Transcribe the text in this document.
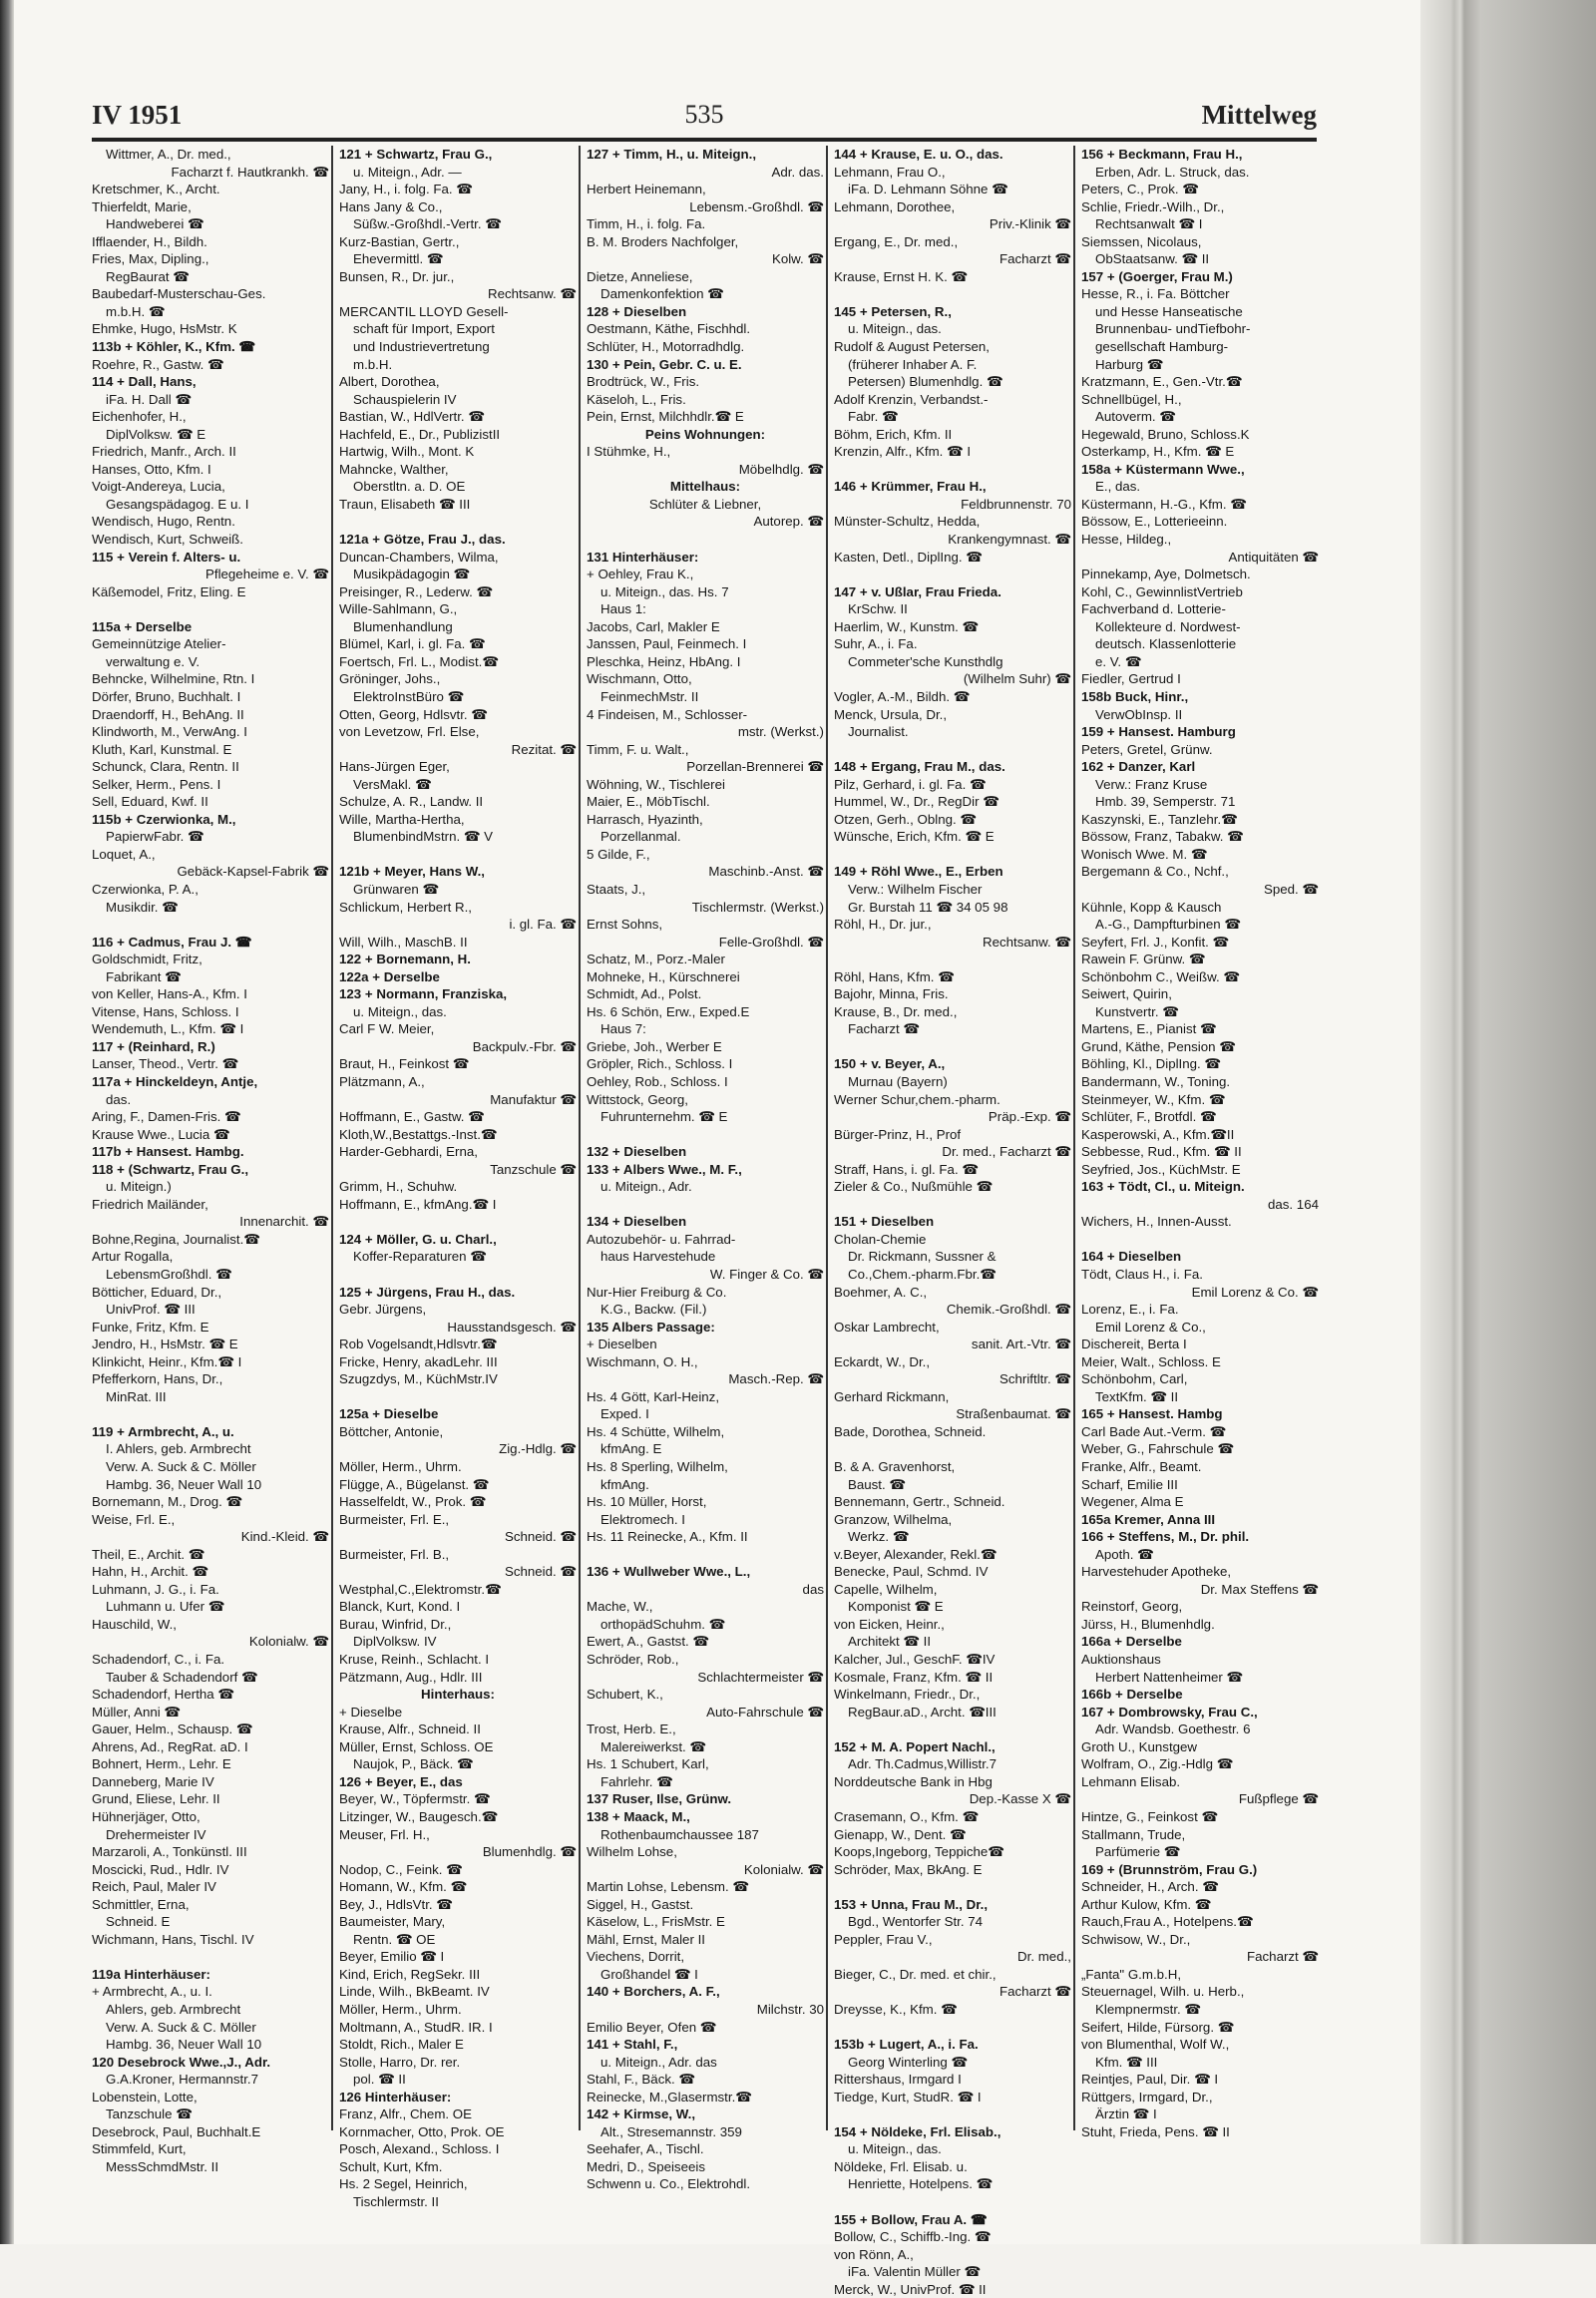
IV 1951	535	Mittelweg
Wittmer, A., Dr. med.,
Facharzt f. Hautkrankh. ☎
Kretschmer, K., Archt.
Thierfeldt, Marie,
Handweberei ☎
Ifflaender, H., Bildh.
Fries, Max, Dipling.,
RegBaurat ☎
Baubedarf-Musterschau-Ges.
m.b.H. ☎
Ehmke, Hugo, HsMstr. K
113b + Köhler, K., Kfm. ☎
Roehre, R., Gastw. ☎
114 + Dall, Hans,
iFa. H. Dall ☎
Eichenhofer, H.,
DiplVolksw. ☎ E
Friedrich, Manfr., Arch. II
Hanses, Otto, Kfm. I
Voigt-Andereya, Lucia,
Gesangspädagog. E u. I
Wendisch, Hugo, Rentn.
Wendisch, Kurt, Schweiß.
115 + Verein f. Alters- u.
Pflegeheime e. V. ☎
Käßemodel, Fritz, Eling. E
115a + Derselbe
Gemeinnützige Atelier-
verwaltung e. V.
Behncke, Wilhelmine, Rtn. I
Dörfer, Bruno, Buchhalt. I
Draendorff, H., BehAng. II
Klindworth, M., VerwAng. I
Kluth, Karl, Kunstmal. E
Schunck, Clara, Rentn. II
Selker, Herm., Pens. I
Sell, Eduard, Kwf. II
115b + Czerwionka, M.,
PapierwFabr. ☎
Loquet, A.,
Gebäck-Kapsel-Fabrik ☎
Czerwionka, P. A.,
Musikdir. ☎
116 + Cadmus, Frau J. ☎
Goldschmidt, Fritz,
Fabrikant ☎
von Keller, Hans-A., Kfm. I
Vitense, Hans, Schloss. I
Wendemuth, L., Kfm. ☎ I
117 + (Reinhard, R.)
Lanser, Theod., Vertr. ☎
117a + Hinckeldeyn, Antje,
das.
Aring, F., Damen-Fris. ☎
Krause Wwe., Lucia ☎
117b + Hansest. Hambg.
118 + (Schwartz, Frau G.,
u. Miteign.)
Friedrich Mailänder,
Innenarchit. ☎
Bohne,Regina, Journalist.☎
Artur Rogalla,
LebensmGroßhdl. ☎
Bötticher, Eduard, Dr.,
UnivProf. ☎ III
Funke, Fritz, Kfm. E
Jendro, H., HsMstr. ☎ E
Klinkicht, Heinr., Kfm.☎ I
Pfefferkorn, Hans, Dr.,
MinRat. III
119 + Armbrecht, A., u.
I. Ahlers, geb. Armbrecht
Verw. A. Suck & C. Möller
Hambg. 36, Neuer Wall 10
Bornemann, M., Drog. ☎
Weise, Frl. E.,
Kind.-Kleid. ☎
Theil, E., Archit. ☎
Hahn, H., Archit. ☎
Luhmann, J. G., i. Fa.
Luhmann u. Ufer ☎
Hauschild, W.,
Kolonialw. ☎
Schadendorf, C., i. Fa.
Tauber & Schadendorf ☎
Schadendorf, Hertha ☎
Müller, Anni ☎
Gauer, Helm., Schausp. ☎
Ahrens, Ad., RegRat. aD. I
Bohnert, Herm., Lehr. E
Danneberg, Marie IV
Grund, Eliese, Lehr. II
Hühnerjäger, Otto,
Drehermeister IV
Marzaroli, A., Tonkünstl. III
Moscicki, Rud., Hdlr. IV
Reich, Paul, Maler IV
Schmittler, Erna,
Schneid. E
Wichmann, Hans, Tischl. IV
119a Hinterhäuser:
+ Armbrecht, A., u. I.
Ahlers, geb. Armbrecht
Verw. A. Suck & C. Möller
Hambg. 36, Neuer Wall 10
120 Desebrock Wwe.,J., Adr.
G.A.Kroner, Hermannstr.7
Lobenstein, Lotte,
Tanzschule ☎
Desebrock, Paul, Buchhalt.E
Stimmfeld, Kurt,
MessSchmdMstr. II
121 + Schwartz, Frau G.,
u. Miteign., Adr. —
Jany, H., i. folg. Fa. ☎
Hans Jany & Co.,
Süßw.-Großhdl.-Vertr. ☎
Kurz-Bastian, Gertr.,
Ehevermittl. ☎
Bunsen, R., Dr. jur.,
Rechtsanw. ☎
MERCANTIL LLOYD Gesell-
schaft für Import, Export
und Industrievertretung
m.b.H.
Albert, Dorothea,
Schauspielerin IV
Bastian, W., HdlVertr. ☎
Hachfeld, E., Dr., PublizistII
Hartwig, Wilh., Mont. K
Mahncke, Walther,
Oberstltn. a. D. OE
Traun, Elisabeth ☎ III
121a + Götze, Frau J., das.
Duncan-Chambers, Wilma,
Musikpädagogin ☎
Preisinger, R., Lederw. ☎
Wille-Sahlmann, G.,
Blumenhandlung
Blümel, Karl, i. gl. Fa. ☎
Foertsch, Frl. L., Modist.☎
Gröninger, Johs.,
ElektroInstBüro ☎
Otten, Georg, Hdlsvtr. ☎
von Levetzow, Frl. Else,
Rezitat. ☎
Hans-Jürgen Eger,
VersMakl. ☎
Schulze, A. R., Landw. II
Wille, Martha-Hertha,
BlumenbindMstrn. ☎ V
121b + Meyer, Hans W.,
Grünwaren ☎
Schlickum, Herbert R.,
i. gl. Fa. ☎
Will, Wilh., MaschB. II
122 + Bornemann, H.
122a + Derselbe
123 + Normann, Franziska,
u. Miteign., das.
Carl F W. Meier,
Backpulv.-Fbr. ☎
Braut, H., Feinkost ☎
Plätzmann, A.,
Manufaktur ☎
Hoffmann, E., Gastw. ☎
Kloth,W.,Bestattgs.-Inst.☎
Harder-Gebhardi, Erna,
Tanzschule ☎
Grimm, H., Schuhw.
Hoffmann, E., kfmAng.☎ I
124 + Möller, G. u. Charl.,
Koffer-Reparaturen ☎
125 + Jürgens, Frau H., das.
Gebr. Jürgens,
Hausstandsgesch. ☎
Rob Vogelsandt,Hdlsvtr.☎
Fricke, Henry, akadLehr. III
Szugzdys, M., KüchMstr.IV
125a + Dieselbe
Böttcher, Antonie,
Zig.-Hdlg. ☎
Möller, Herm., Uhrm.
Flügge, A., Bügelanst. ☎
Hasselfeldt, W., Prok. ☎
Burmeister, Frl. E.,
Schneid. ☎
Burmeister, Frl. B.,
Schneid. ☎
Westphal,C.,Elektromstr.☎
Blanck, Kurt, Kond. I
Burau, Winfrid, Dr.,
DiplVolksw. IV
Kruse, Reinh., Schlacht. I
Pätzmann, Aug., Hdlr. III
Hinterhaus:
+ Dieselbe
Krause, Alfr., Schneid. II
Müller, Ernst, Schloss. OE
Naujok, P., Bäck. ☎
126 + Beyer, E., das
Beyer, W., Töpfermstr. ☎
Litzinger, W., Baugesch.☎
Meuser, Frl. H.,
Blumenhdlg. ☎
Nodop, C., Feink. ☎
Homann, W., Kfm. ☎
Bey, J., HdlsVtr. ☎
Baumeister, Mary,
Rentn. ☎ OE
Beyer, Emilio ☎ I
Kind, Erich, RegSekr. III
Linde, Wilh., BkBeamt. IV
Möller, Herm., Uhrm.
Moltmann, A., StudR. IR. I
Stoldt, Rich., Maler E
Stolle, Harro, Dr. rer.
pol. ☎ II
126 Hinterhäuser:
Franz, Alfr., Chem. OE
Kornmacher, Otto, Prok. OE
Posch, Alexand., Schloss. I
Schult, Kurt, Kfm.
Hs. 2 Segel, Heinrich,
Tischlermstr. II
127 + Timm, H., u. Miteign.,
Adr. das.
Herbert Heinemann,
Lebensm.-Großhdl. ☎
Timm, H., i. folg. Fa.
B. M. Broders Nachfolger,
Kolw. ☎
Dietze, Anneliese,
Damenkonfektion ☎
128 + Dieselben
Oestmann, Käthe, Fischhdl.
Schlüter, H., Motorradhdlg.
130 + Pein, Gebr. C. u. E.
Brodtrück, W., Fris.
Käseloh, L., Fris.
Pein, Ernst, Milchhdlr.☎ E
Peins Wohnungen:
I Stühmke, H.,
Möbelhdlg. ☎
Mittelhaus:
Schlüter & Liebner,
Autorep. ☎
131 Hinterhäuser:
+ Oehley, Frau K.,
u. Miteign., das. Hs. 7
Haus 1:
Jacobs, Carl, Makler E
Janssen, Paul, Feinmech. I
Pleschka, Heinz, HbAng. I
Wischmann, Otto,
FeinmechMstr. II
4 Findeisen, M., Schlosser-
mstr. (Werkst.)
Timm, F. u. Walt.,
Porzellan-Brennerei ☎
Wöhning, W., Tischlerei
Maier, E., MöbTischl.
Harrasch, Hyazinth,
Porzellanmal.
5 Gilde, F.,
Maschinb.-Anst. ☎
Staats, J.,
Tischlermstr. (Werkst.)
Ernst Sohns,
Felle-Großhdl. ☎
Schatz, M., Porz.-Maler
Mohneke, H., Kürschnerei
Schmidt, Ad., Polst.
Hs. 6 Schön, Erw., Exped.E
Haus 7:
Griebe, Joh., Werber E
Gröpler, Rich., Schloss. I
Oehley, Rob., Schloss. I
Wittstock, Georg,
Fuhrunternehm. ☎ E
132 + Dieselben
133 + Albers Wwe., M. F.,
u. Miteign., Adr.
134 + Dieselben
Autozubehör- u. Fahrrad-
haus Harvestehude
W. Finger & Co. ☎
Nur-Hier Freiburg & Co.
K.G., Backw. (Fil.)
135 Albers Passage:
+ Dieselben
Wischmann, O. H.,
Masch.-Rep. ☎
Hs. 4 Gött, Karl-Heinz,
Exped. I
Hs. 4 Schütte, Wilhelm,
kfmAng. E
Hs. 8 Sperling, Wilhelm,
kfmAng.
Hs. 10 Müller, Horst,
Elektromech. I
Hs. 11 Reinecke, A., Kfm. II
136 + Wullweber Wwe., L.,
das
Mache, W.,
orthopädSchuhm. ☎
Ewert, A., Gastst. ☎
Schröder, Rob.,
Schlachtermeister ☎
Schubert, K.,
Auto-Fahrschule ☎
Trost, Herb. E.,
Malereiwerkst. ☎
Hs. 1 Schubert, Karl,
Fahrlehr. ☎
137 Ruser, Ilse, Grünw.
138 + Maack, M.,
Rothenbaumchaussee 187
Wilhelm Lohse,
Kolonialw. ☎
Martin Lohse, Lebensm. ☎
Siggel, H., Gastst.
Käselow, L., FrisMstr. E
Mähl, Ernst, Maler II
Viechens, Dorrit,
Großhandel ☎ I
140 + Borchers, A. F.,
Milchstr. 30
Emilio Beyer, Ofen ☎
141 + Stahl, F.,
u. Miteign., Adr. das
Stahl, F., Bäck. ☎
Reinecke, M.,Glasermstr.☎
142 + Kirmse, W.,
Alt., Stresemannstr. 359
Seehafer, A., Tischl.
Medri, D., Speiseeis
Schwenn u. Co., Elektrohdl.
144 + Krause, E. u. O., das.
Lehmann, Frau O.,
iFa. D. Lehmann Söhne ☎
Lehmann, Dorothee,
Priv.-Klinik ☎
Ergang, E., Dr. med.,
Facharzt ☎
Krause, Ernst H. K. ☎
145 + Petersen, R.,
u. Miteign., das.
Rudolf & August Petersen,
(früherer Inhaber A. F.
Petersen) Blumenhdlg. ☎
Adolf Krenzin, Verbandst.-
Fabr. ☎
Böhm, Erich, Kfm. II
Krenzin, Alfr., Kfm. ☎ I
146 + Krümmer, Frau H.,
Feldbrunnenstr. 70
Münster-Schultz, Hedda,
Krankengymnast. ☎
Kasten, Detl., DiplIng. ☎
147 + v. Ußlar, Frau Frieda.
KrSchw. II
Haerlim, W., Kunstm. ☎
Suhr, A., i. Fa.
Commeter'sche Kunsthdlg
(Wilhelm Suhr) ☎
Vogler, A.-M., Bildh. ☎
Menck, Ursula, Dr.,
Journalist.
148 + Ergang, Frau M., das.
Pilz, Gerhard, i. gl. Fa. ☎
Hummel, W., Dr., RegDir ☎
Otzen, Gerh., Oblng. ☎
Wünsche, Erich, Kfm. ☎ E
149 + Röhl Wwe., E., Erben
Verw.: Wilhelm Fischer
Gr. Burstah 11 ☎ 34 05 98
Röhl, H., Dr. jur.,
Rechtsanw. ☎
Röhl, Hans, Kfm. ☎
Bajohr, Minna, Fris.
Krause, B., Dr. med.,
Facharzt ☎
150 + v. Beyer, A.,
Murnau (Bayern)
Werner Schur,chem.-pharm.
Präp.-Exp. ☎
Bürger-Prinz, H., Prof
Dr. med., Facharzt ☎
Straff, Hans, i. gl. Fa. ☎
Zieler & Co., Nußmühle ☎
151 + Dieselben
Cholan-Chemie
Dr. Rickmann, Sussner &
Co.,Chem.-pharm.Fbr.☎
Boehmer, A. C.,
Chemik.-Großhdl. ☎
Oskar Lambrecht,
sanit. Art.-Vtr. ☎
Eckardt, W., Dr.,
Schriftltr. ☎
Gerhard Rickmann,
Straßenbaumat. ☎
Bade, Dorothea, Schneid.
B. & A. Gravenhorst,
Baust. ☎
Bennemann, Gertr., Schneid.
Granzow, Wilhelma,
Werkz. ☎
v.Beyer, Alexander, Rekl.☎
Benecke, Paul, Schmd. IV
Capelle, Wilhelm,
Komponist ☎ E
von Eicken, Heinr.,
Architekt ☎ II
Kalcher, Jul., GeschF. ☎IV
Kosmale, Franz, Kfm. ☎ II
Winkelmann, Friedr., Dr.,
RegBaur.aD., Archt. ☎III
152 + M. A. Popert Nachl.,
Adr. Th.Cadmus,Willistr.7
Norddeutsche Bank in Hbg
Dep.-Kasse X ☎
Crasemann, O., Kfm. ☎
Gienapp, W., Dent. ☎
Koops,Ingeborg, Teppiche☎
Schröder, Max, BkAng. E
153 + Unna, Frau M., Dr.,
Bgd., Wentorfer Str. 74
Peppler, Frau V.,
Dr. med.,
Bieger, C., Dr. med. et chir.,
Facharzt ☎
Dreysse, K., Kfm. ☎
153b + Lugert, A., i. Fa.
Georg Winterling ☎
Rittershaus, Irmgard I
Tiedge, Kurt, StudR. ☎ I
154 + Nöldeke, Frl. Elisab.,
u. Miteign., das.
Nöldeke, Frl. Elisab. u.
Henriette, Hotelpens. ☎
155 + Bollow, Frau A. ☎
Bollow, C., Schiffb.-Ing. ☎
von Rönn, A.,
iFa. Valentin Müller ☎
Merck, W., UnivProf. ☎ II
156 + Beckmann, Frau H.,
Erben, Adr. L. Struck, das.
Peters, C., Prok. ☎
Schlie, Friedr.-Wilh., Dr.,
Rechtsanwalt ☎ I
Siemssen, Nicolaus,
ObStaatsanw. ☎ II
157 + (Goerger, Frau M.)
Hesse, R., i. Fa. Böttcher
und Hesse Hanseatische
Brunnenbau- undTiefbohr-
gesellschaft Hamburg-
Harburg ☎
Kratzmann, E., Gen.-Vtr.☎
Schnellbügel, H.,
Autoverm. ☎
Hegewald, Bruno, Schloss.K
Osterkamp, H., Kfm. ☎ E
158a + Küstermann Wwe.,
E., das.
Küstermann, H.-G., Kfm. ☎
Bössow, E., Lotterieeinn.
Hesse, Hildeg.,
Antiquitäten ☎
Pinnekamp, Aye, Dolmetsch.
Kohl, C., GewinnlistVertrieb
Fachverband d. Lotterie-
Kollekteure d. Nordwest-
deutsch. Klassenlotterie
e. V. ☎
Fiedler, Gertrud I
158b Buck, Hinr.,
VerwObInsp. II
159 + Hansest. Hamburg
Peters, Gretel, Grünw.
162 + Danzer, Karl
Verw.: Franz Kruse
Hmb. 39, Semperstr. 71
Kaszynski, E., Tanzlehr.☎
Bössow, Franz, Tabakw. ☎
Wonisch Wwe. M. ☎
Bergemann & Co., Nchf.,
Sped. ☎
Kühnle, Kopp & Kausch
A.-G., Dampfturbinen ☎
Seyfert, Frl. J., Konfit. ☎
Rawein F. Grünw. ☎
Schönbohm C., Weißw. ☎
Seiwert, Quirin,
Kunstvertr. ☎
Martens, E., Pianist ☎
Grund, Käthe, Pension ☎
Böhling, Kl., DiplIng. ☎
Bandermann, W., Toning.
Steinmeyer, W., Kfm. ☎
Schlüter, F., Brotfdl. ☎
Kasperowski, A., Kfm.☎II
Sebbesse, Rud., Kfm. ☎ II
Seyfried, Jos., KüchMstr. E
163 + Tödt, Cl., u. Miteign.
das. 164
Wichers, H., Innen-Ausst.
164 + Dieselben
Tödt, Claus H., i. Fa.
Emil Lorenz & Co. ☎
Lorenz, E., i. Fa.
Emil Lorenz & Co.,
Dischereit, Berta I
Meier, Walt., Schloss. E
Schönbohm, Carl,
TextKfm. ☎ II
165 + Hansest. Hambg
Carl Bade Aut.-Verm. ☎
Weber, G., Fahrschule ☎
Franke, Alfr., Beamt.
Scharf, Emilie III
Wegener, Alma E
165a Kremer, Anna III
166 + Steffens, M., Dr. phil.
Apoth. ☎
Harvestehuder Apotheke,
Dr. Max Steffens ☎
Reinstorf, Georg,
Jürss, H., Blumenhdlg.
166a + Derselbe
Auktionshaus
Herbert Nattenheimer ☎
166b + Derselbe
167 + Dombrowsky, Frau C.,
Adr. Wandsb. Goethestr. 6
Groth U., Kunstgew
Wolfram, O., Zig.-Hdlg ☎
Lehmann Elisab.
Fußpflege ☎
Hintze, G., Feinkost ☎
Stallmann, Trude,
Parfümerie ☎
169 + (Brunnström, Frau G.)
Schneider, H., Arch. ☎
Arthur Kulow, Kfm. ☎
Rauch,Frau A., Hotelpens.☎
Schwisow, W., Dr.,
Facharzt ☎
„Fanta" G.m.b.H,
Steuernagel, Wilh. u. Herb.,
Klempnermstr. ☎
Seifert, Hilde, Fürsorg. ☎
von Blumenthal, Wolf W.,
Kfm. ☎ III
Reintjes, Paul, Dir. ☎ I
Rüttgers, Irmgard, Dr.,
Ärztin ☎ I
Stuht, Frieda, Pens. ☎ II
